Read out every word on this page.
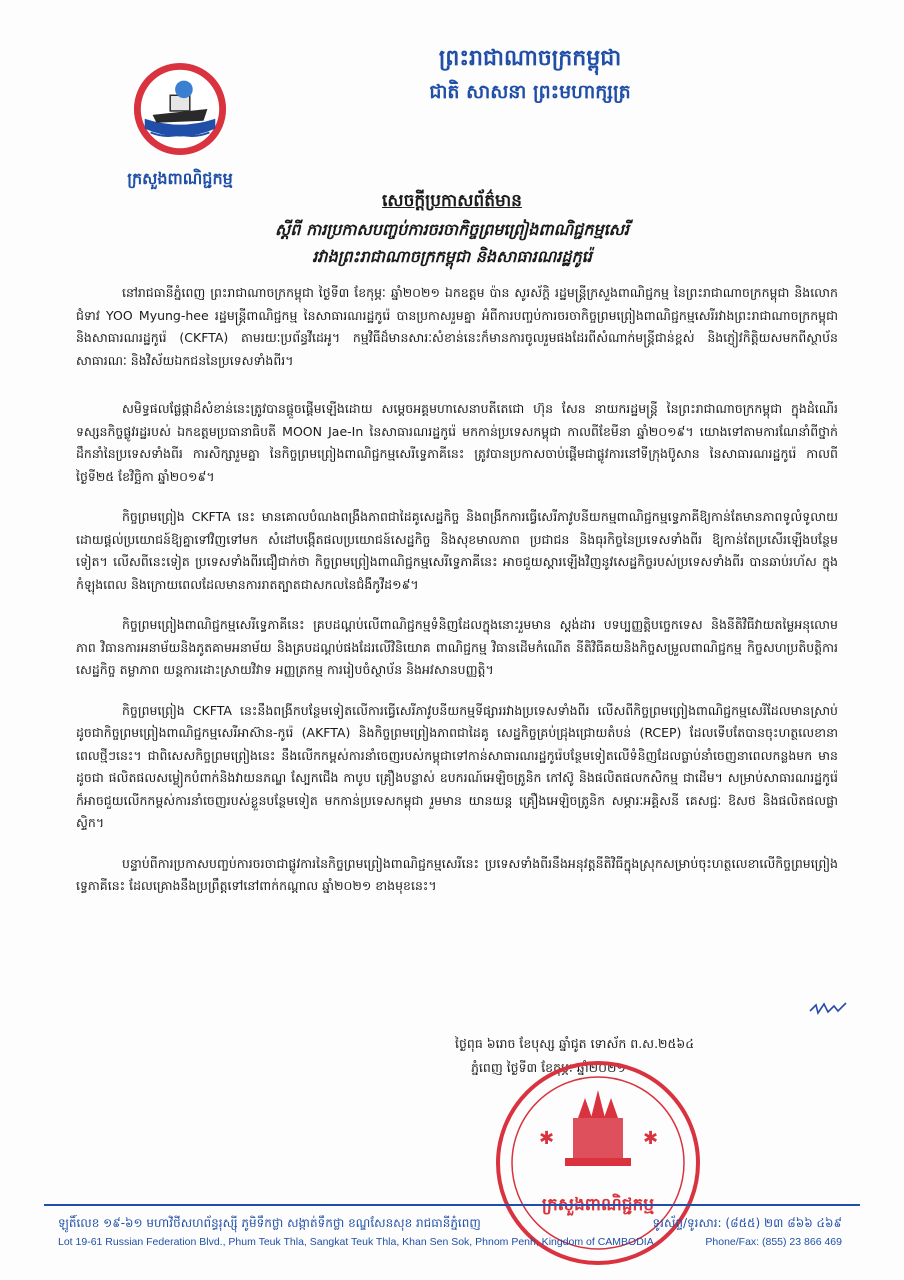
ក្រសួងពាណិជ្ជកម្ម
ព្រះរាជាណាចក្រកម្ពុជា
ជាតិ សាសនា ព្រះមហាក្សត្រ
សេចក្តីប្រកាសព័ត៌មាន
ស្តីពី ការប្រកាសបញ្ចប់ការចរចាកិច្ចព្រមព្រៀងពាណិជ្ជកម្មសេរី
រវាងព្រះរាជាណាចក្រកម្ពុជា និងសាធារណរដ្ឋកូរ៉េ

នៅរាជធានីភ្នំពេញ ព្រះរាជាណាចក្រកម្ពុជា ថ្ងៃទី៣ ខែកុម្ភៈ ឆ្នាំ២០២១ ឯកឧត្តម ប៉ាន សូរស័ក្តិ រដ្ឋមន្ត្រីក្រសួងពាណិជ្ជកម្ម នៃព្រះរាជាណាចក្រកម្ពុជា និងលោកជំទាវ YOO Myung-hee រដ្ឋមន្ត្រីពាណិជ្ជកម្ម នៃសាធារណរដ្ឋកូរ៉េ បានប្រកាសរួមគ្នា អំពីការបញ្ចប់ការចរចាកិច្ចព្រមព្រៀងពាណិជ្ជកម្មសេរីរវាងព្រះរាជាណាចក្រកម្ពុជា និងសាធារណរដ្ឋកូរ៉េ (CKFTA) តាមរយៈប្រព័ន្ធវីដេអូ។ កម្មវិធីដ៏មានសារៈសំខាន់នេះក៏មានការចូលរួមផងដែរពីសំណាក់មន្ត្រីជាន់ខ្ពស់ និងភ្ញៀវកិត្តិយសមកពីស្ថាប័ន សាធារណៈ និងវិស័យឯកជននៃប្រទេសទាំងពីរ។

សមិទ្ធផលផ្លែផ្កាដ៏សំខាន់នេះត្រូវបានផ្តួចផ្តើមឡើងដោយ សម្តេចអគ្គមហាសេនាបតីតេជោ ហ៊ុន សែន នាយករដ្ឋមន្ត្រី នៃព្រះរាជាណាចក្រកម្ពុជា ក្នុងដំណើរទស្សនកិច្ចផ្លូវរដ្ឋរបស់ ឯកឧត្តមប្រធានាធិបតី MOON Jae-In នៃសាធារណរដ្ឋកូរ៉េ មកកាន់ប្រទេសកម្ពុជា កាលពីខែមីនា ឆ្នាំ២០១៩។ យោងទៅតាមការណែនាំពីថ្នាក់ដឹកនាំនៃប្រទេសទាំងពីរ ការសិក្សារួមគ្នា នៃកិច្ចព្រមព្រៀងពាណិជ្ជកម្មសេរីទ្វេភាគីនេះ ត្រូវបានប្រកាសចាប់ផ្តើមជាផ្លូវការនៅទីក្រុងប៊ូសាន នៃសាធារណរដ្ឋកូរ៉េ កាលពី ថ្ងៃទី២៥ ខែវិច្ឆិកា ឆ្នាំ២០១៩។

កិច្ចព្រមព្រៀង CKFTA នេះ មានគោលបំណងពង្រឹងភាពជាដៃគូសេដ្ឋកិច្ច និងពង្រីកការធ្វើសេរីភាវូបនីយកម្មពាណិជ្ជកម្មទ្វេភាគីឱ្យកាន់តែមានភាពទូលំទូលាយ ដោយផ្តល់ប្រយោជន៍ឱ្យគ្នាទៅវិញទៅមក សំដៅបង្កើតផលប្រយោជន៍សេដ្ឋកិច្ច និងសុខមាលភាព ប្រជាជន និងធុរកិច្ចនៃប្រទេសទាំងពីរ ឱ្យកាន់តែប្រសើរឡើងបន្ថែមទៀត។ លើសពីនេះទៀត ប្រទេសទាំងពីរជឿជាក់ថា កិច្ចព្រមព្រៀងពាណិជ្ជកម្មសេរីទ្វេភាគីនេះ អាចជួយស្តារឡើងវិញនូវសេដ្ឋកិច្ចរបស់ប្រទេសទាំងពីរ បានឆាប់រហ័ស ក្នុងកំឡុងពេល និងក្រោយពេលដែលមានការរាតត្បាតជាសកលនៃជំងឺកូវីដ១៩។

កិច្ចព្រមព្រៀងពាណិជ្ជកម្មសេរីទ្វេភាគីនេះ គ្របដណ្តប់លើពាណិជ្ជកម្មទំនិញដែលក្នុងនោះរួមមាន ស្តង់ដារ បទប្បញ្ញត្តិបច្ចេកទេស និងនីតិវិធីវាយតម្លៃអនុលោមភាព វិធានការអនាម័យនិងភូតគាមអនាម័យ និងគ្របដណ្តប់ផងដែរលើវិនិយោគ ពាណិជ្ជកម្ម វិធានដើមកំណើត នីតិវិធីគយនិងកិច្ចសម្រួលពាណិជ្ជកម្ម កិច្ចសហប្រតិបត្តិការសេដ្ឋកិច្ច តម្លាភាព យន្តការដោះស្រាយវិវាទ អញ្ញត្រកម្ម ការរៀបចំស្ថាប័ន និងអវសានបញ្ញត្តិ។

កិច្ចព្រមព្រៀង CKFTA នេះនឹងពង្រីកបន្ថែមទៀតលើការធ្វើសេរីភាវូបនីយកម្មទីផ្សាររវាងប្រទេសទាំងពីរ លើសពីកិច្ចព្រមព្រៀងពាណិជ្ជកម្មសេរីដែលមានស្រាប់ ដូចជាកិច្ចព្រមព្រៀងពាណិជ្ជកម្មសេរីអាស៊ាន-កូរ៉េ (AKFTA) និងកិច្ចព្រមព្រៀងភាពជាដៃគូ សេដ្ឋកិច្ចគ្រប់ជ្រុងជ្រោយតំបន់ (RCEP) ដែលទើបតែបានចុះហត្ថលេខានាពេលថ្មីៗនេះ។ ជាពិសេសកិច្ចព្រមព្រៀងនេះ នឹងលើកកម្ពស់ការនាំចេញរបស់កម្ពុជាទៅកាន់សាធារណរដ្ឋកូរ៉េបន្ថែមទៀតលើទំនិញដែលធ្លាប់នាំចេញនាពេលកន្លងមក មានដូចជា ផលិតផលសម្លៀកបំពាក់និងវាយនភណ្ឌ ស្បែកជើង កាបូប គ្រឿងបន្លាស់ ឧបករណ៍អេឡិចត្រូនិក កៅស៊ូ និងផលិតផលកសិកម្ម ជាដើម។ សម្រាប់សាធារណរដ្ឋកូរ៉េ ក៏អាចជួយលើកកម្ពស់ការនាំចេញរបស់ខ្លួនបន្ថែមទៀត មកកាន់ប្រទេសកម្ពុជា រួមមាន យានយន្ត គ្រឿងអេឡិចត្រូនិក សម្ភារៈអគ្គិសនី គេសជ្ជៈ ឱសថ និងផលិតផលផ្លាស្ទិក។

បន្ទាប់ពីការប្រកាសបញ្ចប់ការចរចាជាផ្លូវការនៃកិច្ចព្រមព្រៀងពាណិជ្ជកម្មសេរីនេះ ប្រទេសទាំងពីរនឹងអនុវត្តនីតិវិធីក្នុងស្រុកសម្រាប់ចុះហត្ថលេខាលើកិច្ចព្រមព្រៀងទ្វេភាគីនេះ ដែលគ្រោងនឹងប្រព្រឹត្តទៅនៅពាក់កណ្តាល ឆ្នាំ២០២១ ខាងមុខនេះ។

ថ្ងៃពុធ ៦រោច ខែបុស្ស ឆ្នាំជូត ទោស័ក ព.ស.២៥៦៤
ភ្នំពេញ ថ្ងៃទី៣ ខែកុម្ភៈ ឆ្នាំ២០២១
✱	✱
ក្រសួងពាណិជ្ជកម្ម
ឡូតិ៍លេខ ១៩-៦១ មហាវិថីសហព័ន្ធរុស្ស៊ី ភូមិទឹកថ្លា សង្កាត់ទឹកថ្លា ខណ្ឌសែនសុខ រាជធានីភ្នំពេញ	ទូរស័ព្ទ/ទូរសារ: (៨៥៥) ២៣ ៨៦៦ ៤៦៩
Lot 19-61 Russian Federation Blvd., Phum Teuk Thla, Sangkat Teuk Thla, Khan Sen Sok, Phnom Penh, Kingdom of CAMBODIA	Phone/Fax: (855) 23 866 469
